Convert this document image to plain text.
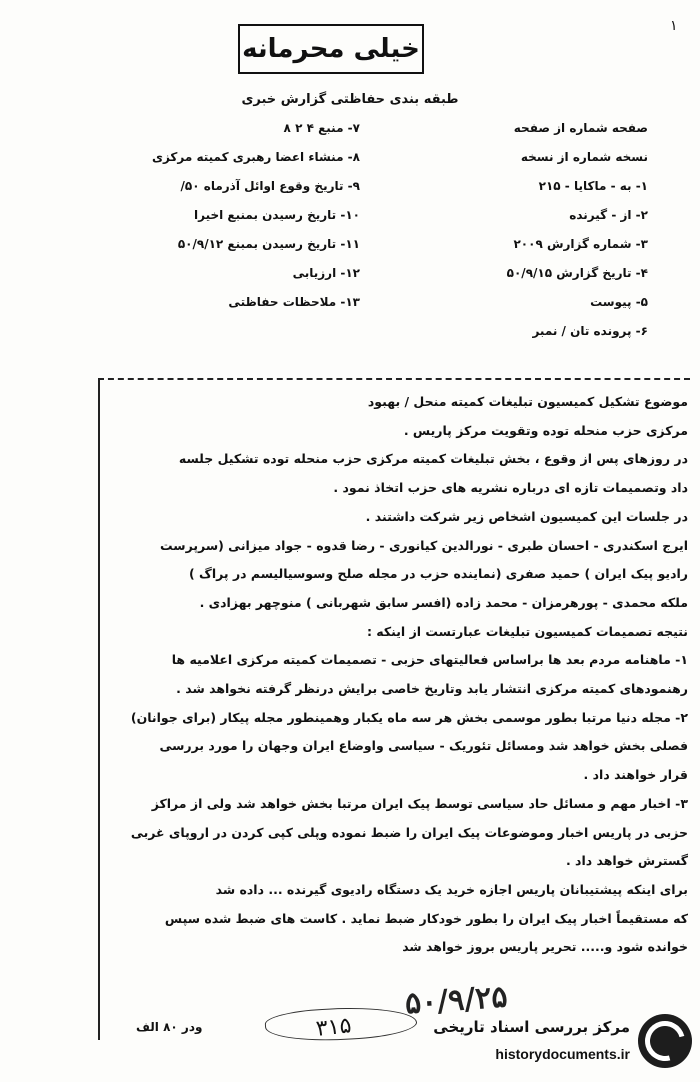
١
خیلی محرمانه
طبقه بندی حفاظتی گزارش خبری
صفحه شماره از صفحه
نسخه شماره از نسخه
۱- به - ماکایا - ۲۱۵
۲- از - گیرنده
۳- شماره گزارش ۲۰۰۹
۴- تاریخ گزارش ۵۰/۹/۱۵
۵- پیوست
۶- پرونده تان / نمبر
۷- منبع ۴ ۲ ۸
۸- منشاء اعضا رهبری کمیته مرکزی
۹- تاریخ وقوع اوائل آذرماه ۵۰/
۱۰- تاریخ رسیدن بمنبع اخیرا
۱۱- تاریخ رسیدن بمبنع ۵۰/۹/۱۲
۱۲- ارزیابی
۱۳- ملاحظات حفاظتی
موضوع تشکیل کمیسیون تبلیغات کمیته منحل / بهبود
مرکزی حزب منحله توده وتقویت مرکز پاریس .
در روزهای پس از وقوع ، بخش تبلیغات کمیته مرکزی حزب منحله توده تشکیل جلسه
داد وتصمیمات تازه ای درباره نشریه های حزب اتخاذ نمود .
در جلسات این کمیسیون اشخاص زیر شرکت داشتند .
ایرج اسکندری - احسان طبری - نورالدین کیانوری - رضا قدوه - جواد میزانی (سرپرست
رادیو پیک ایران ) حمید صفری (نماینده حزب در مجله صلح وسوسیالیسم در پراگ )
ملکه محمدی - پورهرمزان - محمد زاده (افسر سابق شهربانی ) منوچهر بهزادی .
نتیجه تصمیمات کمیسیون تبلیغات عبارتست از اینکه :
۱- ماهنامه مردم بعد ها براساس فعالیتهای حزبی - تصمیمات کمیته مرکزی اعلامیه ها
رهنمودهای کمیته مرکزی انتشار یابد وتاریخ خاصی برایش درنظر گرفته نخواهد شد .
۲- مجله دنیا مرتبا بطور موسمی بخش هر سه ماه یکبار وهمینطور مجله پیکار (برای جوانان)
فصلی بخش خواهد شد ومسائل تئوریک - سیاسی واوضاع ایران وجهان را مورد بررسی
قرار خواهند داد .
۳- اخبار مهم و مسائل حاد سیاسی توسط پیک ایران مرتبا بخش خواهد شد ولی از مراکز
حزبی در پاریس اخبار وموضوعات پیک ایران را ضبط نموده وپلی کپی کردن در اروپای غربی
گسترش خواهد داد .
برای اینکه پیشتیبانان پاریس اجازه خرید یک دستگاه رادیوی گیرنده ... داده شد
که مستقیماً اخبار پیک ایران را بطور خودکار ضبط نماید . کاست های ضبط شده سپس
خوانده شود و..... تحریر پاریس بروز خواهد شد
۵۰/۹/۲۵
۳۱۵
ودر ۸۰ الف	مرکز بررسی اسناد تاریخی
historydocuments.ir
